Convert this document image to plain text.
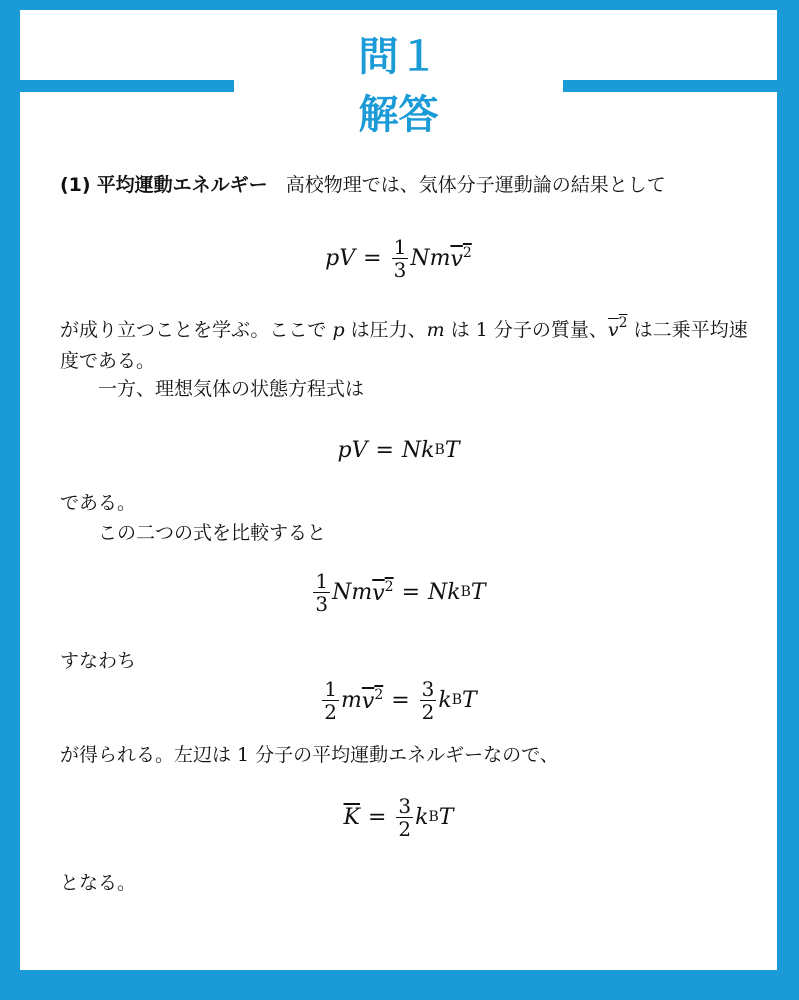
問１
解答

(1) 平均運動エネルギー 高校物理では、気体分子運動論の結果として

pV = $\frac{1}{3}$ Nm $v^2$

が成り立つことを学ぶ。ここで p は圧力、m は 1 分子の質量、$v^2$ は二乗平均速度である。

一方、理想気体の状態方程式は

pV = Nk B T

である。

この二つの式を比較すると

$\frac{1}{3}$ Nm $v^2 = Nk$ B T

すなわち

$\frac{1}{2}$ m $v^2 = \frac{3}{2}$ k B T

が得られる。左辺は 1 分子の平均運動エネルギーなので、

$\overline{K} = \frac{3}{2}$ k B T

となる。
